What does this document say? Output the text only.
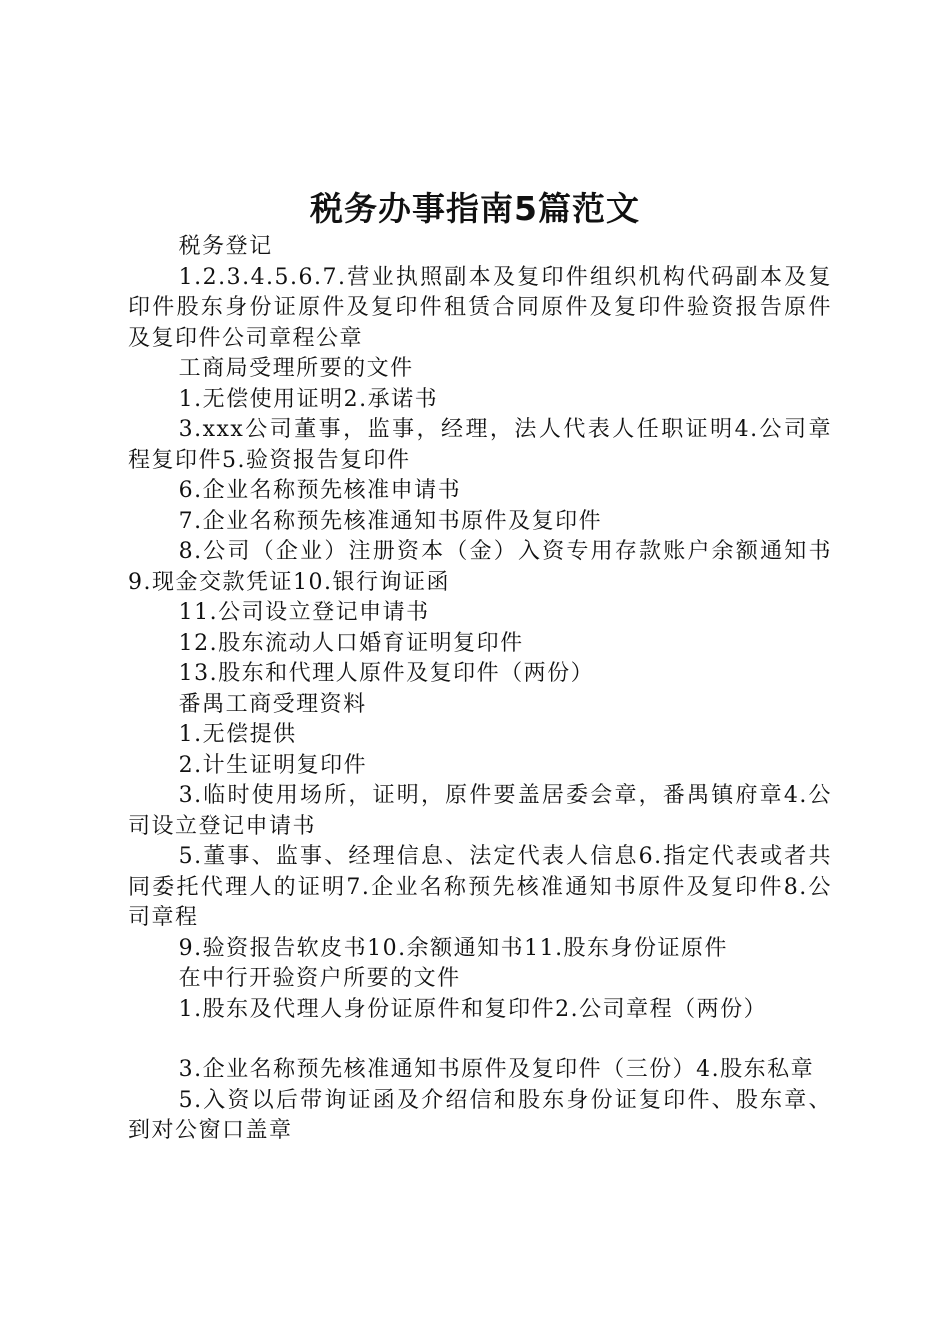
税务办事指南5篇范文

税务登记

1.2.3.4.5.6.7.营业执照副本及复印件组织机构代码副本及复印件股东身份证原件及复印件租赁合同原件及复印件验资报告原件及复印件公司章程公章

工商局受理所要的文件

1.无偿使用证明2.承诺书

3.xxx公司董事，监事，经理，法人代表人任职证明4.公司章程复印件5.验资报告复印件

6.企业名称预先核准申请书

7.企业名称预先核准通知书原件及复印件

8.公司（企业）注册资本（金）入资专用存款账户余额通知书9.现金交款凭证10.银行询证函

11.公司设立登记申请书

12.股东流动人口婚育证明复印件

13.股东和代理人原件及复印件（两份）

番禺工商受理资料

1.无偿提供

2.计生证明复印件

3.临时使用场所，证明，原件要盖居委会章，番禺镇府章4.公司设立登记申请书

5.董事、监事、经理信息、法定代表人信息6.指定代表或者共同委托代理人的证明7.企业名称预先核准通知书原件及复印件8.公司章程

9.验资报告软皮书10.余额通知书11.股东身份证原件

在中行开验资户所要的文件

1.股东及代理人身份证原件和复印件2.公司章程（两份）

3.企业名称预先核准通知书原件及复印件（三份）4.股东私章

5.入资以后带询证函及介绍信和股东身份证复印件、股东章、到对公窗口盖章
